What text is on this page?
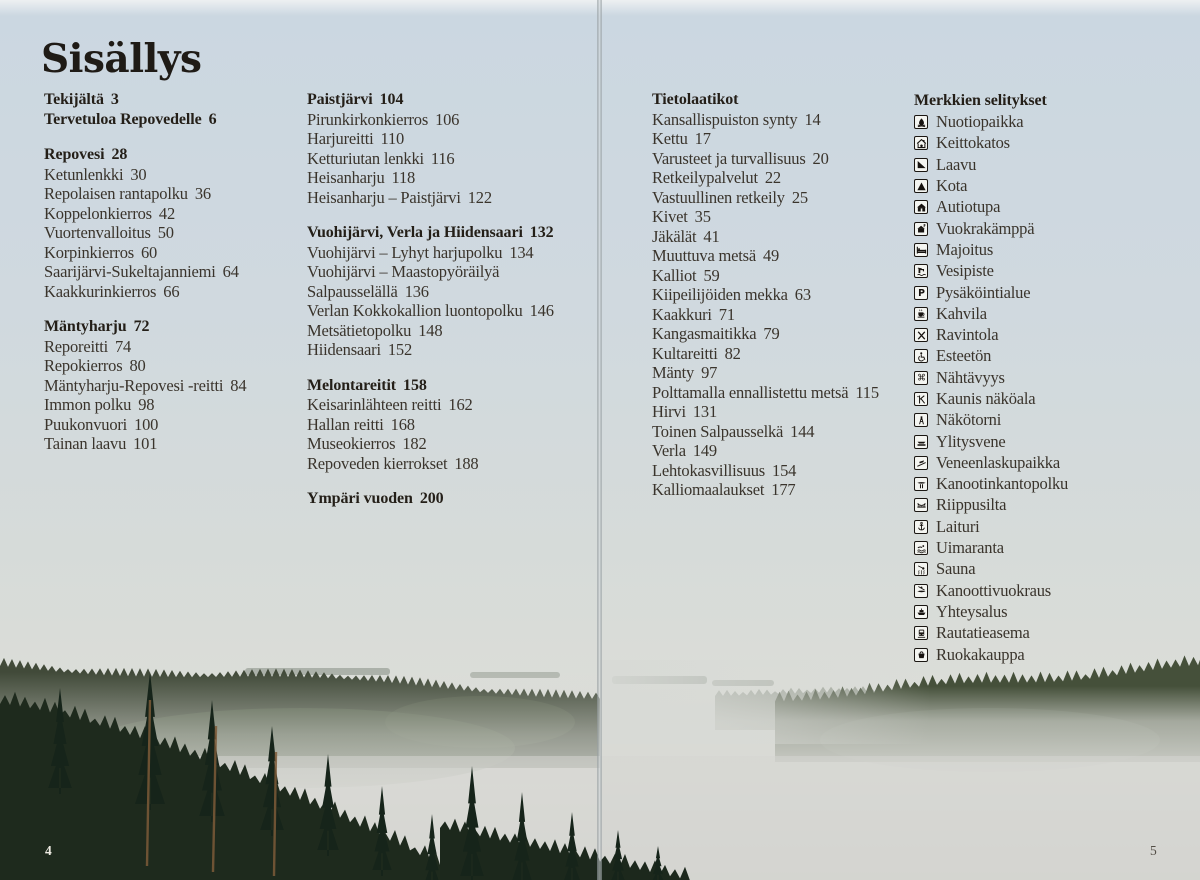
Sisällys
Tekijältä 3
Tervetuloa Repovedelle 6
Repovesi 28
Ketunlenkki 30
Repolaisen rantapolku 36
Koppelonkierros 42
Vuortenvalloitus 50
Korpinkierros 60
Saarijärvi-Sukeltajanniemi 64
Kaakkurinkierros 66
Mäntyharju 72
Reporeitti 74
Repokierros 80
Mäntyharju-Repovesi -reitti 84
Immon polku 98
Puukonvuori 100
Tainan laavu 101
Paistjärvi 104
Pirunkirkonkierros 106
Harjureitti 110
Ketturiutan lenkki 116
Heisanharju 118
Heisanharju – Paistjärvi 122
Vuohijärvi, Verla ja Hiidensaari 132
Vuohijärvi – Lyhyt harjupolku 134
Vuohijärvi – Maastopyöräilyä
Salpausselällä 136
Verlan Kokkokallion luontopolku 146
Metsätietopolku 148
Hiidensaari 152
Melontareitit 158
Keisarinlähteen reitti 162
Hallan reitti 168
Museokierros 182
Repoveden kierrokset 188
Ympäri vuoden 200
Tietolaatikot
Kansallispuiston synty 14
Kettu 17
Varusteet ja turvallisuus 20
Retkeilypalvelut 22
Vastuullinen retkeily 25
Kivet 35
Jäkälät 41
Muuttuva metsä 49
Kalliot 59
Kiipeilijöiden mekka 63
Kaakkuri 71
Kangasmaitikka 79
Kultareitti 82
Mänty 97
Polttamalla ennallistettu metsä 115
Hirvi 131
Toinen Salpausselkä 144
Verla 149
Lehtokasvillisuus 154
Kalliomaalaukset 177
Merkkien selitykset
Nuotiopaikka
Keittokatos
Laavu
Kota
Autiotupa
Vuokrakämppä
Majoitus
Vesipiste
P Pysäköintialue
Kahvila
Ravintola
Esteetön
⌘ Nähtävyys
Kaunis näköala
Näkötorni
Ylitysvene
Veneenlaskupaikka
Kanootinkantopolku
Riippusilta
Laituri
Uimaranta
Sauna
Kanoottivuokraus
Yhteysalus
Rautatieasema
Ruokakauppa
4	5
